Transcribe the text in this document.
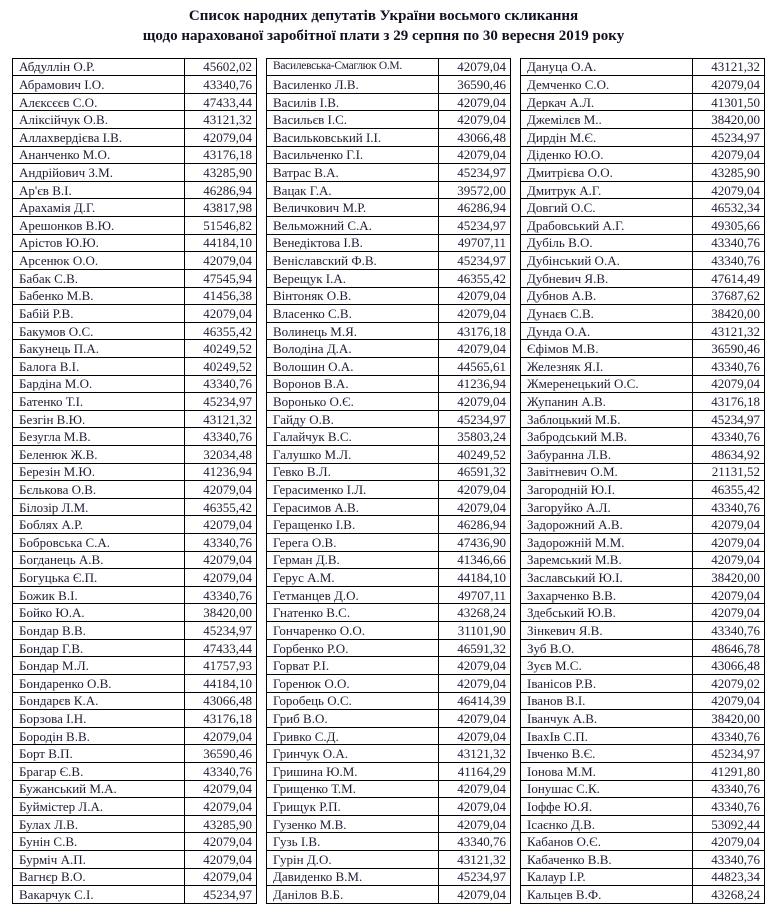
Список народних депутатів України восьмого скликання
щодо нарахованої заробітної плати з 29 серпня по 30 вересня 2019 року
Абдуллін О.Р.	45602,02
Абрамович І.О.	43340,76
Алєксєєв С.О.	47433,44
Аліксійчук О.В.	43121,32
Аллахвердієва І.В.	42079,04
Ананченко М.О.	43176,18
Андрійович З.М.	43285,90
Ар'єв В.І.	46286,94
Арахамія Д.Г.	43817,98
Арешонков В.Ю.	51546,82
Арістов Ю.Ю.	44184,10
Арсенюк О.О.	42079,04
Бабак С.В.	47545,94
Бабенко М.В.	41456,38
Бабій Р.В.	42079,04
Бакумов О.С.	46355,42
Бакунець П.А.	40249,52
Балога В.І.	40249,52
Бардіна М.О.	43340,76
Батенко Т.І.	45234,97
Безгін В.Ю.	43121,32
Безугла М.В.	43340,76
Беленюк Ж.В.	32034,48
Березін М.Ю.	41236,94
Бєлькова О.В.	42079,04
Білозір Л.М.	46355,42
Боблях А.Р.	42079,04
Бобровська С.А.	43340,76
Богданець А.В.	42079,04
Богуцька Є.П.	42079,04
Божик В.І.	43340,76
Бойко Ю.А.	38420,00
Бондар В.В.	45234,97
Бондар Г.В.	47433,44
Бондар М.Л.	41757,93
Бондаренко О.В.	44184,10
Бондарєв К.А.	43066,48
Борзова І.Н.	43176,18
Бородін В.В.	42079,04
Борт В.П.	36590,46
Брагар Є.В.	43340,76
Бужанський М.А.	42079,04
Буймістер Л.А.	42079,04
Булах Л.В.	43285,90
Бунін С.В.	42079,04
Бурміч А.П.	42079,04
Вагнєр В.О.	42079,04
Вакарчук С.І.	45234,97
Василевська-Смаглюк О.М.	42079,04
Василенко Л.В.	36590,46
Василів І.В.	42079,04
Васильєв І.С.	42079,04
Васильковський І.І.	43066,48
Васильченко Г.І.	42079,04
Ватрас В.А.	45234,97
Вацак Г.А.	39572,00
Величкович М.Р.	46286,94
Вельможний С.А.	45234,97
Венедіктова І.В.	49707,11
Веніславский Ф.В.	45234,97
Верещук І.А.	46355,42
Вінтоняк О.В.	42079,04
Власенко С.В.	42079,04
Волинець М.Я.	43176,18
Володіна Д.А.	42079,04
Волошин О.А.	44565,61
Воронов В.А.	41236,94
Воронько О.Є.	42079,04
Гайду О.В.	45234,97
Галайчук В.С.	35803,24
Галушко М.Л.	40249,52
Гевко В.Л.	46591,32
Герасименко І.Л.	42079,04
Герасимов А.В.	42079,04
Геращенко І.В.	46286,94
Герега О.В.	47436,90
Герман Д.В.	41346,66
Герус А.М.	44184,10
Гетманцев Д.О.	49707,11
Гнатенко В.С.	43268,24
Гончаренко О.О.	31101,90
Горбенко Р.О.	46591,32
Горват Р.І.	42079,04
Горенюк О.О.	42079,04
Горобець О.С.	46414,39
Гриб В.О.	42079,04
Гривко С.Д.	42079,04
Гринчук О.А.	43121,32
Гришина Ю.М.	41164,29
Грищенко Т.М.	42079,04
Грищук Р.П.	42079,04
Гузенко М.В.	42079,04
Гузь І.В.	43340,76
Гурін Д.О.	43121,32
Давиденко В.М.	45234,97
Данілов В.Б.	42079,04
Дануца О.А.	43121,32
Демченко С.О.	42079,04
Деркач А.Л.	41301,50
Джемілєв М..	38420,00
Дирдін М.Є.	45234,97
Діденко Ю.О.	42079,04
Дмитрієва О.О.	43285,90
Дмитрук А.Г.	42079,04
Довгий О.С.	46532,34
Драбовський А.Г.	49305,66
Дубіль В.О.	43340,76
Дубінський О.А.	43340,76
Дубневич Я.В.	47614,49
Дубнов А.В.	37687,62
Дунаєв С.В.	38420,00
Дунда О.А.	43121,32
Єфімов М.В.	36590,46
Железняк Я.І.	43340,76
Жмеренецький О.С.	42079,04
Жупанин А.В.	43176,18
Заблоцький М.Б.	45234,97
Забродський М.В.	43340,76
Забуранна Л.В.	48634,92
Завітневич О.М.	21131,52
Загородній Ю.І.	46355,42
Загоруйко А.Л.	43340,76
Задорожний А.В.	42079,04
Задорожній М.М.	42079,04
Заремський М.В.	42079,04
Заславський Ю.І.	38420,00
Захарченко В.В.	42079,04
Здебський Ю.В.	42079,04
Зінкевич Я.В.	43340,76
Зуб В.О.	48646,78
Зуєв М.С.	43066,48
Іванісов Р.В.	42079,02
Іванов В.І.	42079,04
Іванчук А.В.	38420,00
ІвахІв С.П.	43340,76
Івченко В.Є.	45234,97
Іонова М.М.	41291,80
Іонушас С.К.	43340,76
Іоффе Ю.Я.	43340,76
Ісаєнко Д.В.	53092,44
Кабанов О.Є.	42079,04
Кабаченко В.В.	43340,76
Калаур І.Р.	44823,34
Кальцев В.Ф.	43268,24
